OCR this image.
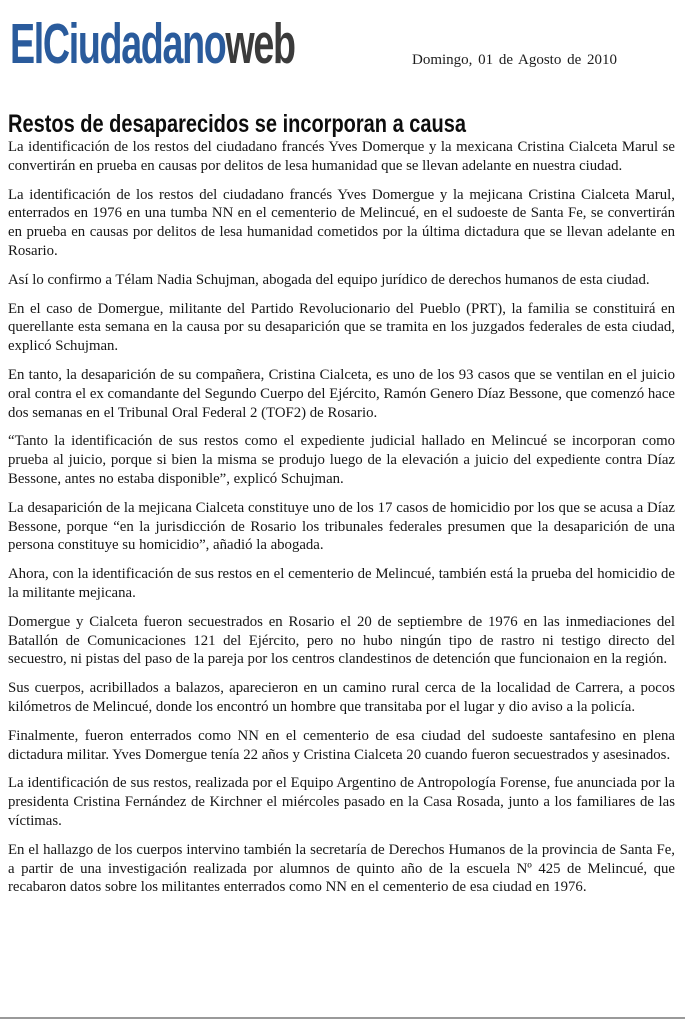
ElCiudadanoweb	Domingo, 01 de Agosto de 2010
Restos de desaparecidos se incorporan a causa

La identificación de los restos del ciudadano francés Yves Domerque y la mexicana Cristina Cialceta Marul se convertirán en prueba en causas por delitos de lesa humanidad que se llevan adelante en nuestra ciudad.

La identificación de los restos del ciudadano francés Yves Domergue y la mejicana Cristina Cialceta Marul, enterrados en 1976 en una tumba NN en el cementerio de Melincué, en el sudoeste de Santa Fe, se convertirán en prueba en causas por delitos de lesa humanidad cometidos por la última dictadura que se llevan adelante en Rosario.

Así lo confirmo a Télam Nadia Schujman, abogada del equipo jurídico de derechos humanos de esta ciudad.

En el caso de Domergue, militante del Partido Revolucionario del Pueblo (PRT), la familia se constituirá en querellante esta semana en la causa por su desaparición que se tramita en los juzgados federales de esta ciudad, explicó Schujman.

En tanto, la desaparición de su compañera, Cristina Cialceta, es uno de los 93 casos que se ventilan en el juicio oral contra el ex comandante del Segundo Cuerpo del Ejército, Ramón Genero Díaz Bessone, que comenzó hace dos semanas en el Tribunal Oral Federal 2 (TOF2) de Rosario.

“Tanto la identificación de sus restos como el expediente judicial hallado en Melincué se incorporan como prueba al juicio, porque si bien la misma se produjo luego de la elevación a juicio del expediente contra Díaz Bessone, antes no estaba disponible”, explicó Schujman.

La desaparición de la mejicana Cialceta constituye uno de los 17 casos de homicidio por los que se acusa a Díaz Bessone, porque “en la jurisdicción de Rosario los tribunales federales presumen que la desaparición de una persona constituye su homicidio”, añadió la abogada.

Ahora, con la identificación de sus restos en el cementerio de Melincué, también está la prueba del homicidio de la militante mejicana.

Domergue y Cialceta fueron secuestrados en Rosario el 20 de septiembre de 1976 en las inmediaciones del Batallón de Comunicaciones 121 del Ejército, pero no hubo ningún tipo de rastro ni testigo directo del secuestro, ni pistas del paso de la pareja por los centros clandestinos de detención que funcionaion en la región.

Sus cuerpos, acribillados a balazos, aparecieron en un camino rural cerca de la localidad de Carrera, a pocos kilómetros de Melincué, donde los encontró un hombre que transitaba por el lugar y dio aviso a la policía.

Finalmente, fueron enterrados como NN en el cementerio de esa ciudad del sudoeste santafesino en plena dictadura militar. Yves Domergue tenía 22 años y Cristina Cialceta 20 cuando fueron secuestrados y asesinados.

La identificación de sus restos, realizada por el Equipo Argentino de Antropología Forense, fue anunciada por la presidenta Cristina Fernández de Kirchner el miércoles pasado en la Casa Rosada, junto a los familiares de las víctimas.

En el hallazgo de los cuerpos intervino también la secretaría de Derechos Humanos de la provincia de Santa Fe, a partir de una investigación realizada por alumnos de quinto año de la escuela Nº 425 de Melincué, que recabaron datos sobre los militantes enterrados como NN en el cementerio de esa ciudad en 1976.
